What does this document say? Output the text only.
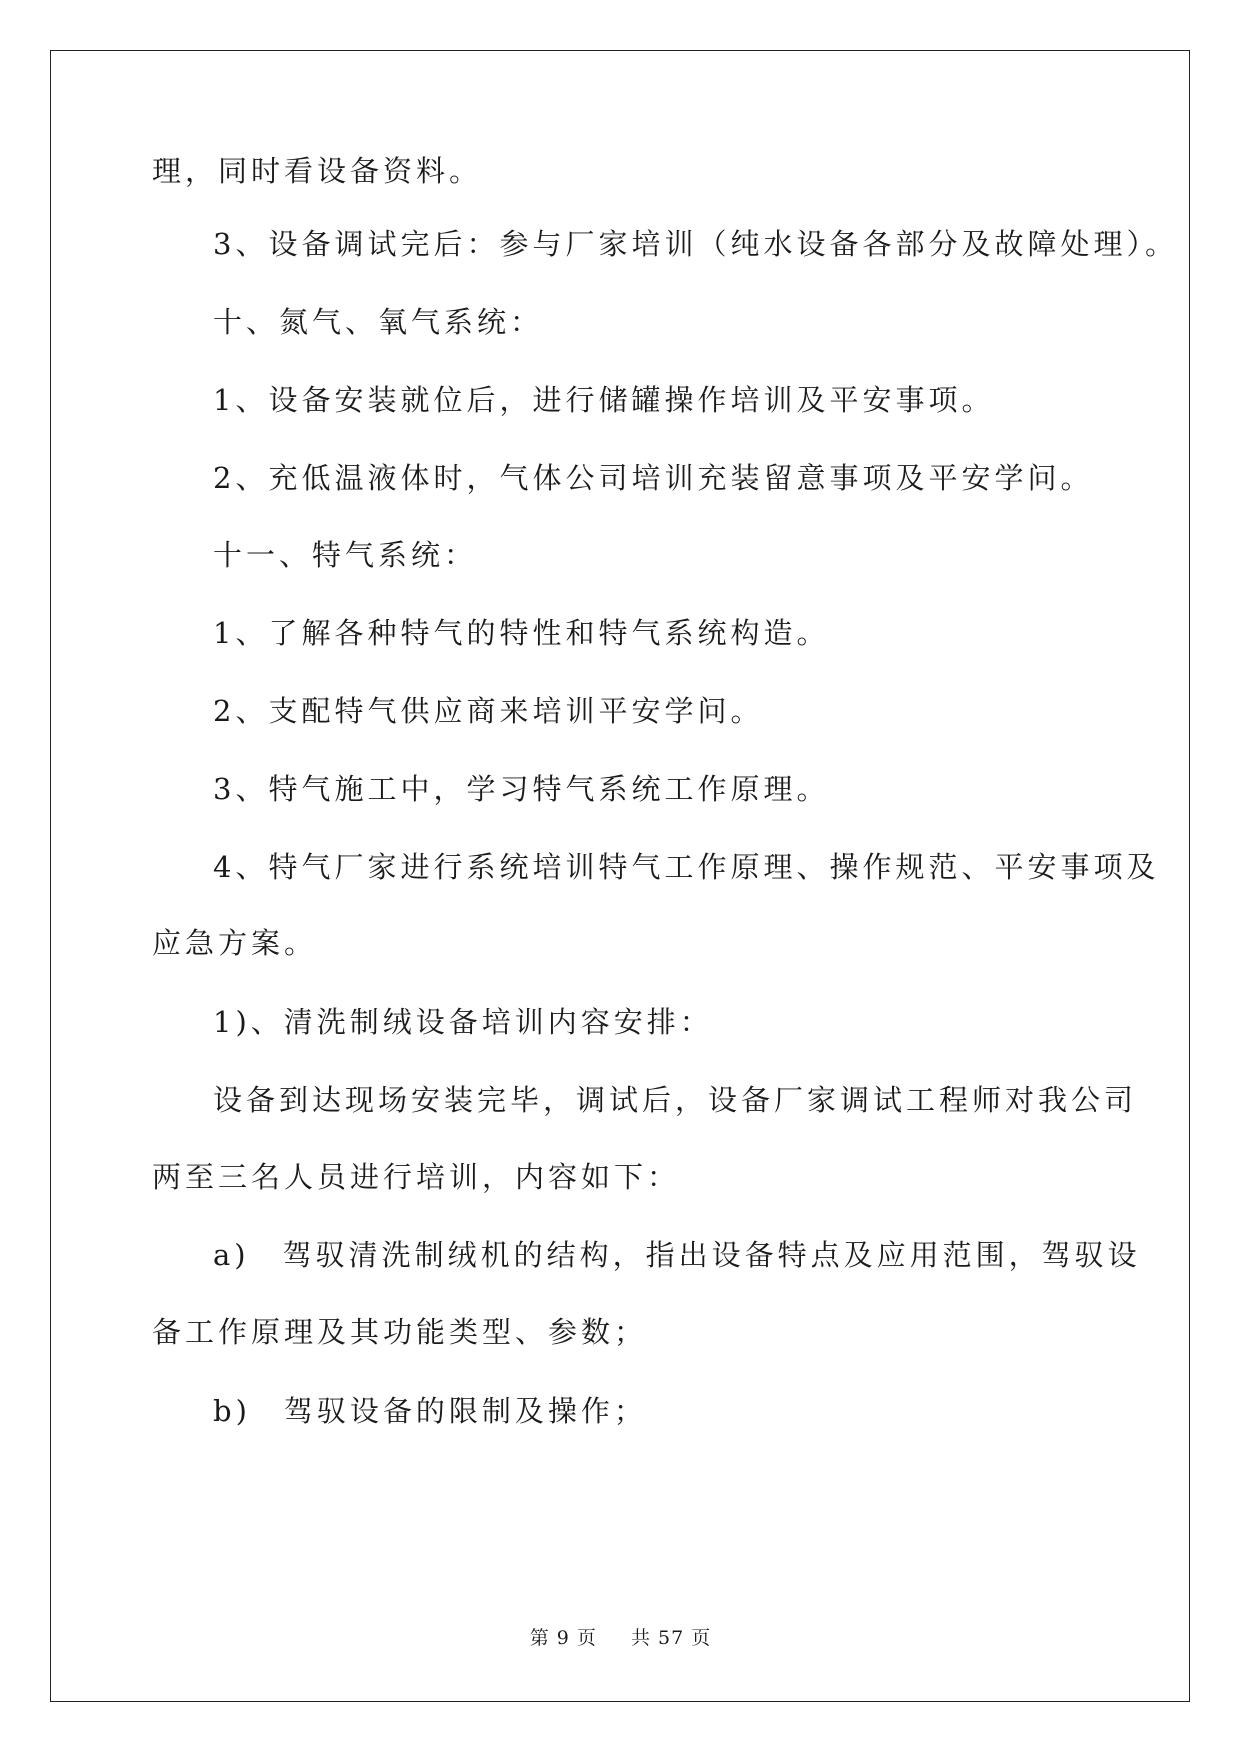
理，同时看设备资料。
3、设备调试完后：参与厂家培训（纯水设备各部分及故障处理）。
十、氮气、氧气系统：
1、设备安装就位后，进行储罐操作培训及平安事项。
2、充低温液体时，气体公司培训充装留意事项及平安学问。
十一、特气系统：
1、了解各种特气的特性和特气系统构造。
2、支配特气供应商来培训平安学问。
3、特气施工中，学习特气系统工作原理。
4、特气厂家进行系统培训特气工作原理、操作规范、平安事项及
应急方案。
1)、清洗制绒设备培训内容安排：
设备到达现场安装完毕，调试后，设备厂家调试工程师对我公司
两至三名人员进行培训，内容如下：
a)　驾驭清洗制绒机的结构，指出设备特点及应用范围，驾驭设
备工作原理及其功能类型、参数；
b)　驾驭设备的限制及操作；
第 9 页 共 57 页
